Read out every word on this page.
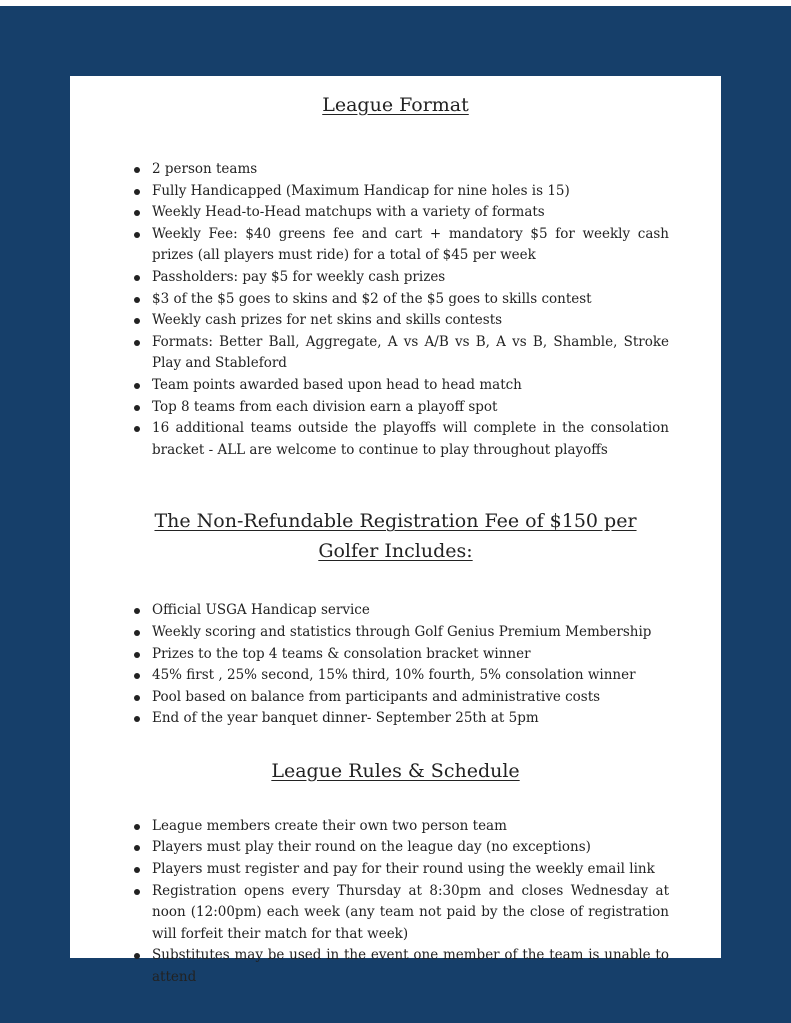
League Format
2 person teams
Fully Handicapped (Maximum Handicap for nine holes is 15)
Weekly Head-to-Head matchups with a variety of formats
Weekly Fee: $40 greens fee and cart + mandatory $5 for weekly cash prizes (all players must ride) for a total of $45 per week
Passholders: pay $5 for weekly cash prizes
$3 of the $5 goes to skins and $2 of the $5 goes to skills contest
Weekly cash prizes for net skins and skills contests
Formats: Better Ball, Aggregate, A vs A/B vs B, A vs B, Shamble, Stroke Play and Stableford
Team points awarded based upon head to head match
Top 8 teams from each division earn a playoff spot
16 additional teams outside the playoffs will complete in the consolation bracket - ALL are welcome to continue to play throughout playoffs
The Non-Refundable Registration Fee of $150 per Golfer Includes:
Official USGA Handicap service
Weekly scoring and statistics through Golf Genius Premium Membership
Prizes to the top 4 teams & consolation bracket winner
45% first , 25% second, 15% third, 10% fourth, 5% consolation winner
Pool based on balance from participants and administrative costs
End of the year banquet dinner- September 25th at 5pm
League Rules & Schedule
League members create their own two person team
Players must play their round on the league day (no exceptions)
Players must register and pay for their round using the weekly email link
Registration opens every Thursday at 8:30pm and closes Wednesday at noon (12:00pm) each week (any team not paid by the close of registration will forfeit their match for that week)
Substitutes may be used in the event one member of the team is unable to attend
